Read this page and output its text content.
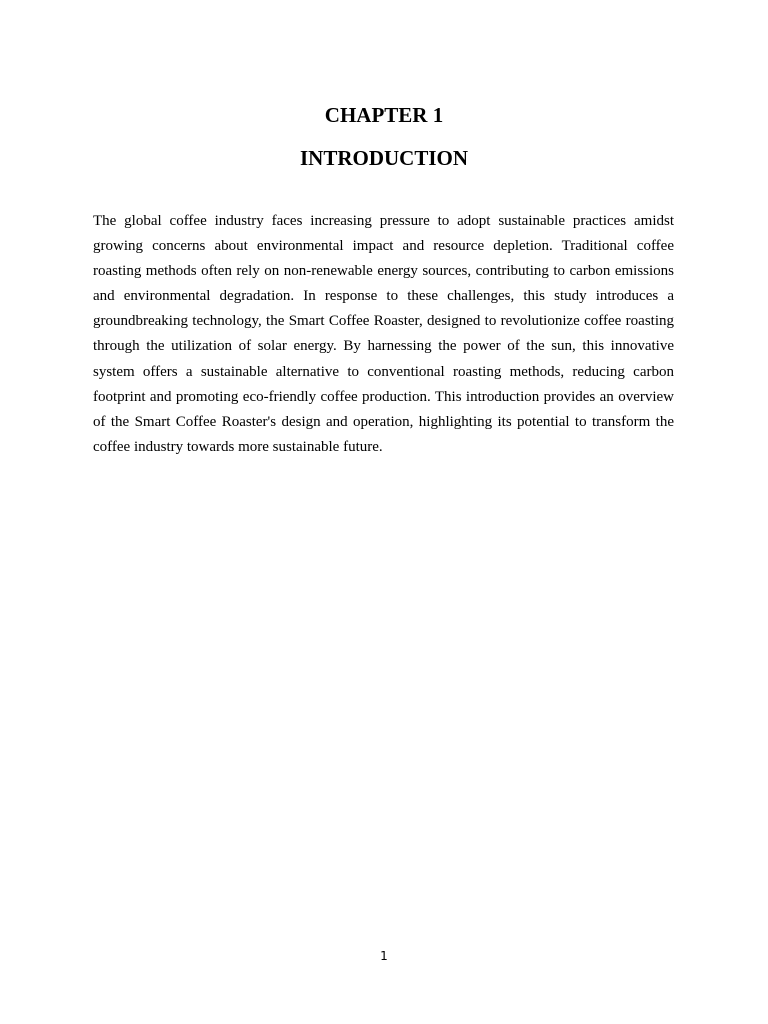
CHAPTER 1
INTRODUCTION

The global coffee industry faces increasing pressure to adopt sustainable practices amidst growing concerns about environmental impact and resource depletion. Traditional coffee roasting methods often rely on non-renewable energy sources, contributing to carbon emissions and environmental degradation. In response to these challenges, this study introduces a groundbreaking technology, the Smart Coffee Roaster, designed to revolutionize coffee roasting through the utilization of solar energy. By harnessing the power of the sun, this innovative system offers a sustainable alternative to conventional roasting methods, reducing carbon footprint and promoting eco-friendly coffee production. This introduction provides an overview of the Smart Coffee Roaster's design and operation, highlighting its potential to transform the coffee industry towards more sustainable future.

1
